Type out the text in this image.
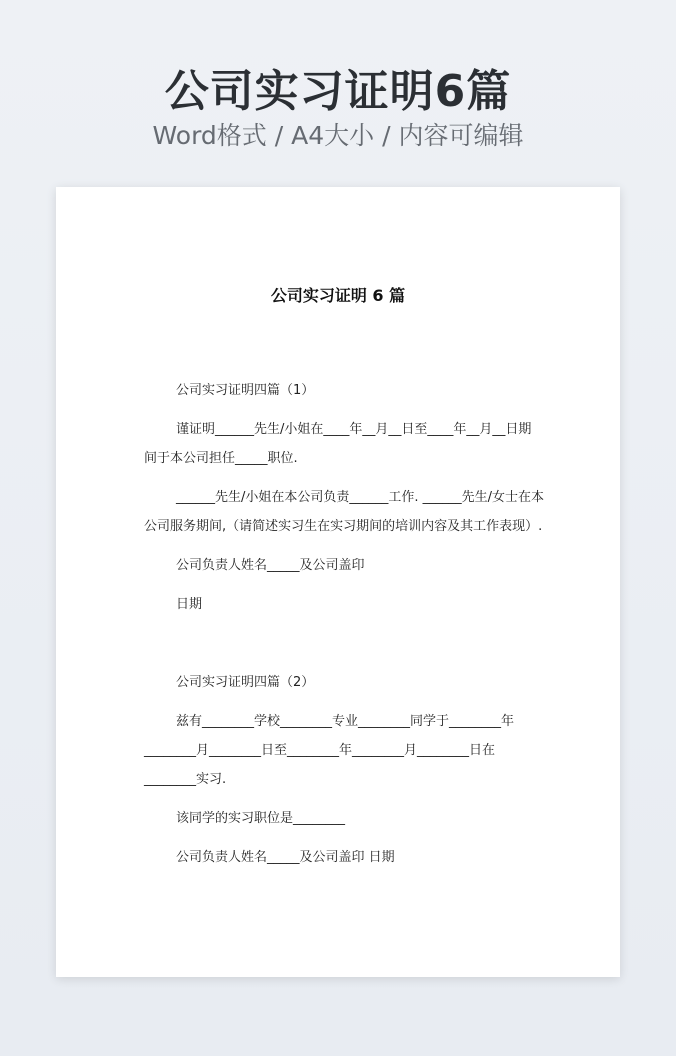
公司实习证明6篇
Word格式 / A4大小 / 内容可编辑
公司实习证明 6 篇
公司实习证明四篇（1）
谨证明______先生/小姐在____年__月__日至____年__月__日期
间于本公司担任_____职位.
______先生/小姐在本公司负责______工作. ______先生/女士在本
公司服务期间,（请简述实习生在实习期间的培训内容及其工作表现）.
公司负责人姓名_____及公司盖印
日期
公司实习证明四篇（2）
兹有________学校________专业________同学于________年
________月________日至________年________月________日在
________实习.
该同学的实习职位是________
公司负责人姓名_____及公司盖印 日期
